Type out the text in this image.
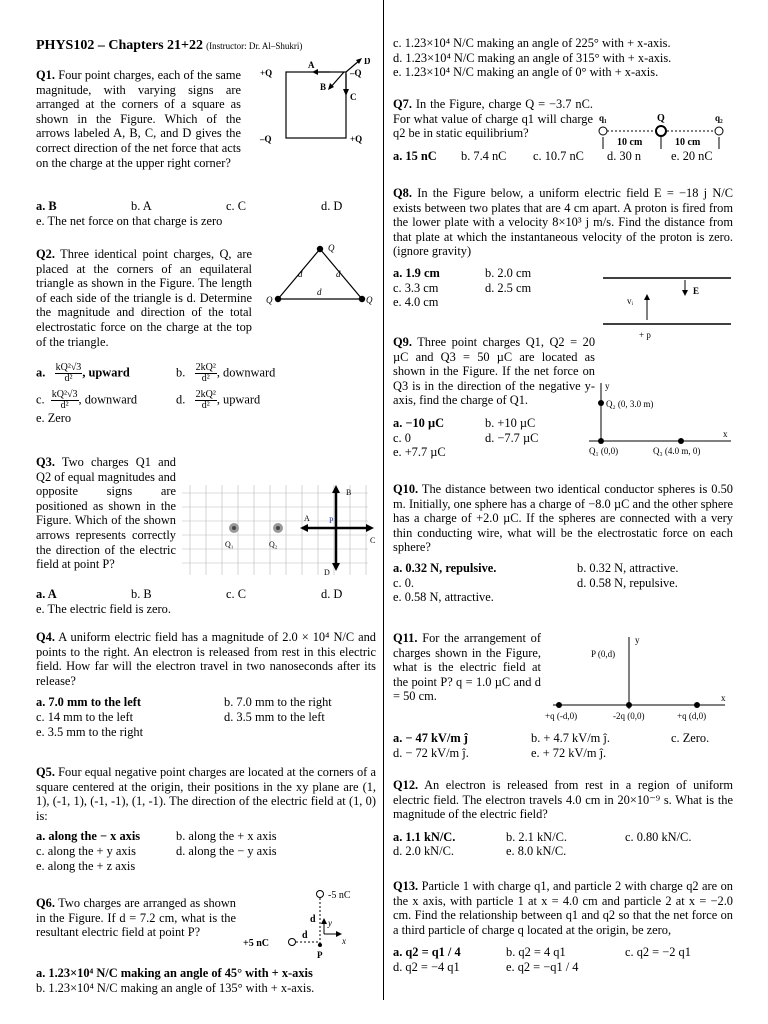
PHYS102 – Chapters 21+22 (Instructor: Dr. Al–Shukri)
Q1. Four point charges, each of the same magnitude, with varying signs are arranged at the corners of a square as shown in the Figure. Which of the arrows labeled A, B, C, and D gives the correct direction of the net force that acts on the charge at the upper right corner?
+Q	–Q
–Q	+Q
A
B
C
D
a. B	b. A	c. C	d. D
e. The net force on that charge is zero
Q2. Three identical point charges, Q, are placed at the corners of an equilateral triangle as shown in the Figure. The length of each side of the triangle is d. Determine the magnitude and direction of the total electrostatic force on the charge at the top of the triangle.
Q
Q	Q
d	d
d
a. $\frac{\text{kQ²√3}}{\text{d²}}$ , upward	b. $\frac{\text{2kQ²}}{\text{d²}}$ , downward
c. $\frac{\text{kQ²√3}}{\text{d²}}$ , downward	d. $\frac{\text{2kQ²}}{\text{d²}}$ , upward
e. Zero
Q3. Two charges Q1 and Q2 of equal magnitudes and opposite signs are positioned as shown in the Figure. Which of the shown arrows represents correctly the direction of the electric field at point P?
Q₁	Q₂
B
A
C
D
P
a. A	b. B	c. C	d. D
e. The electric field is zero.
Q4. A uniform electric field has a magnitude of 2.0 × 10⁴ N/C and points to the right. An electron is released from rest in this electric field. How far will the electron travel in two nanoseconds after its release?
a. 7.0 mm to the left	b. 7.0 mm to the right
c. 14 mm to the left	d. 3.5 mm to the left
e. 3.5 mm to the right
Q5. Four equal negative point charges are located at the corners of a square centered at the origin, their positions in the xy plane are (1, 1), (-1, 1), (-1, -1), (1, -1). The direction of the electric field at (1, 0) is:
a. along the − x axis	b. along the + x axis
c. along the + y axis	d. along the − y axis
e. along the + z axis
Q6. Two charges are arranged as shown in the Figure. If d = 7.2 cm, what is the resultant electric field at point P?
-5 nC
d
+5 nC
d
y
x
P
a. 1.23×10⁴ N/C making an angle of 45° with + x-axis
b. 1.23×10⁴ N/C making an angle of 135° with + x-axis.
c. 1.23×10⁴ N/C making an angle of 225° with + x-axis.
d. 1.23×10⁴ N/C making an angle of 315° with + x-axis.
e. 1.23×10⁴ N/C making an angle of 0° with + x-axis.
Q7. In the Figure, charge Q = −3.7 nC. For what value of charge q1 will charge q2 be in static equilibrium?
q₁	Q	q₂
10 cm	10 cm
a. 15 nC	b. 7.4 nC	c. 10.7 nC	d. 30 n	e. 20 nC
Q8. In the Figure below, a uniform electric field E = −18 j N/C exists between two plates that are 4 cm apart. A proton is fired from the lower plate with a velocity 8×10³ j m/s. Find the distance from that plate at which the instantaneous velocity of the proton is zero.(ignore gravity)
a. 1.9 cm	b. 2.0 cm
c. 3.3 cm	d. 2.5 cm
e. 4.0 cm
E
vᵢ
+ p
Q9. Three point charges Q1, Q2 = 20 µC and Q3 = 50 µC are located as shown in the Figure. If the net force on Q3 is in the direction of the negative y-axis, find the charge of Q1.
a. −10 µC	b. +10 µC
c. 0	d. −7.7 µC
e. +7.7 µC
y
x
Q₂ (0, 3.0 m)
Q₁ (0,0)	Q₃ (4.0 m, 0)
Q10. The distance between two identical conductor spheres is 0.50 m. Initially, one sphere has a charge of −8.0 µC and the other sphere has a charge of +2.0 µC. If the spheres are connected with a very thin conducting wire, what will be the electrostatic force on each sphere?
a. 0.32 N, repulsive.	b. 0.32 N, attractive.
c. 0.	d. 0.58 N, repulsive.
e. 0.58 N, attractive.
Q11. For the arrangement of charges shown in the Figure, what is the electric field at the point P? q = 1.0 µC and d = 50 cm.
y
x
P (0,d)
+q (-d,0)	-2q (0,0)	+q (d,0)
a. − 47 kV/m ĵ	b. + 4.7 kV/m ĵ.	c. Zero.
d. − 72 kV/m ĵ.	e. + 72 kV/m ĵ.
Q12. An electron is released from rest in a region of uniform electric field. The electron travels 4.0 cm in 20×10⁻⁹ s. What is the magnitude of the electric field?
a. 1.1 kN/C.	b. 2.1 kN/C.	c. 0.80 kN/C.
d. 2.0 kN/C.	e. 8.0 kN/C.
Q13. Particle 1 with charge q1, and particle 2 with charge q2 are on the x axis, with particle 1 at x = 4.0 cm and particle 2 at x = −2.0 cm. Find the relationship between q1 and q2 so that the net force on a third particle of charge q located at the origin, be zero,
a. q2 = q1 / 4	b. q2 = 4 q1	c. q2 = −2 q1
d. q2 = −4 q1	e. q2 = −q1 / 4
